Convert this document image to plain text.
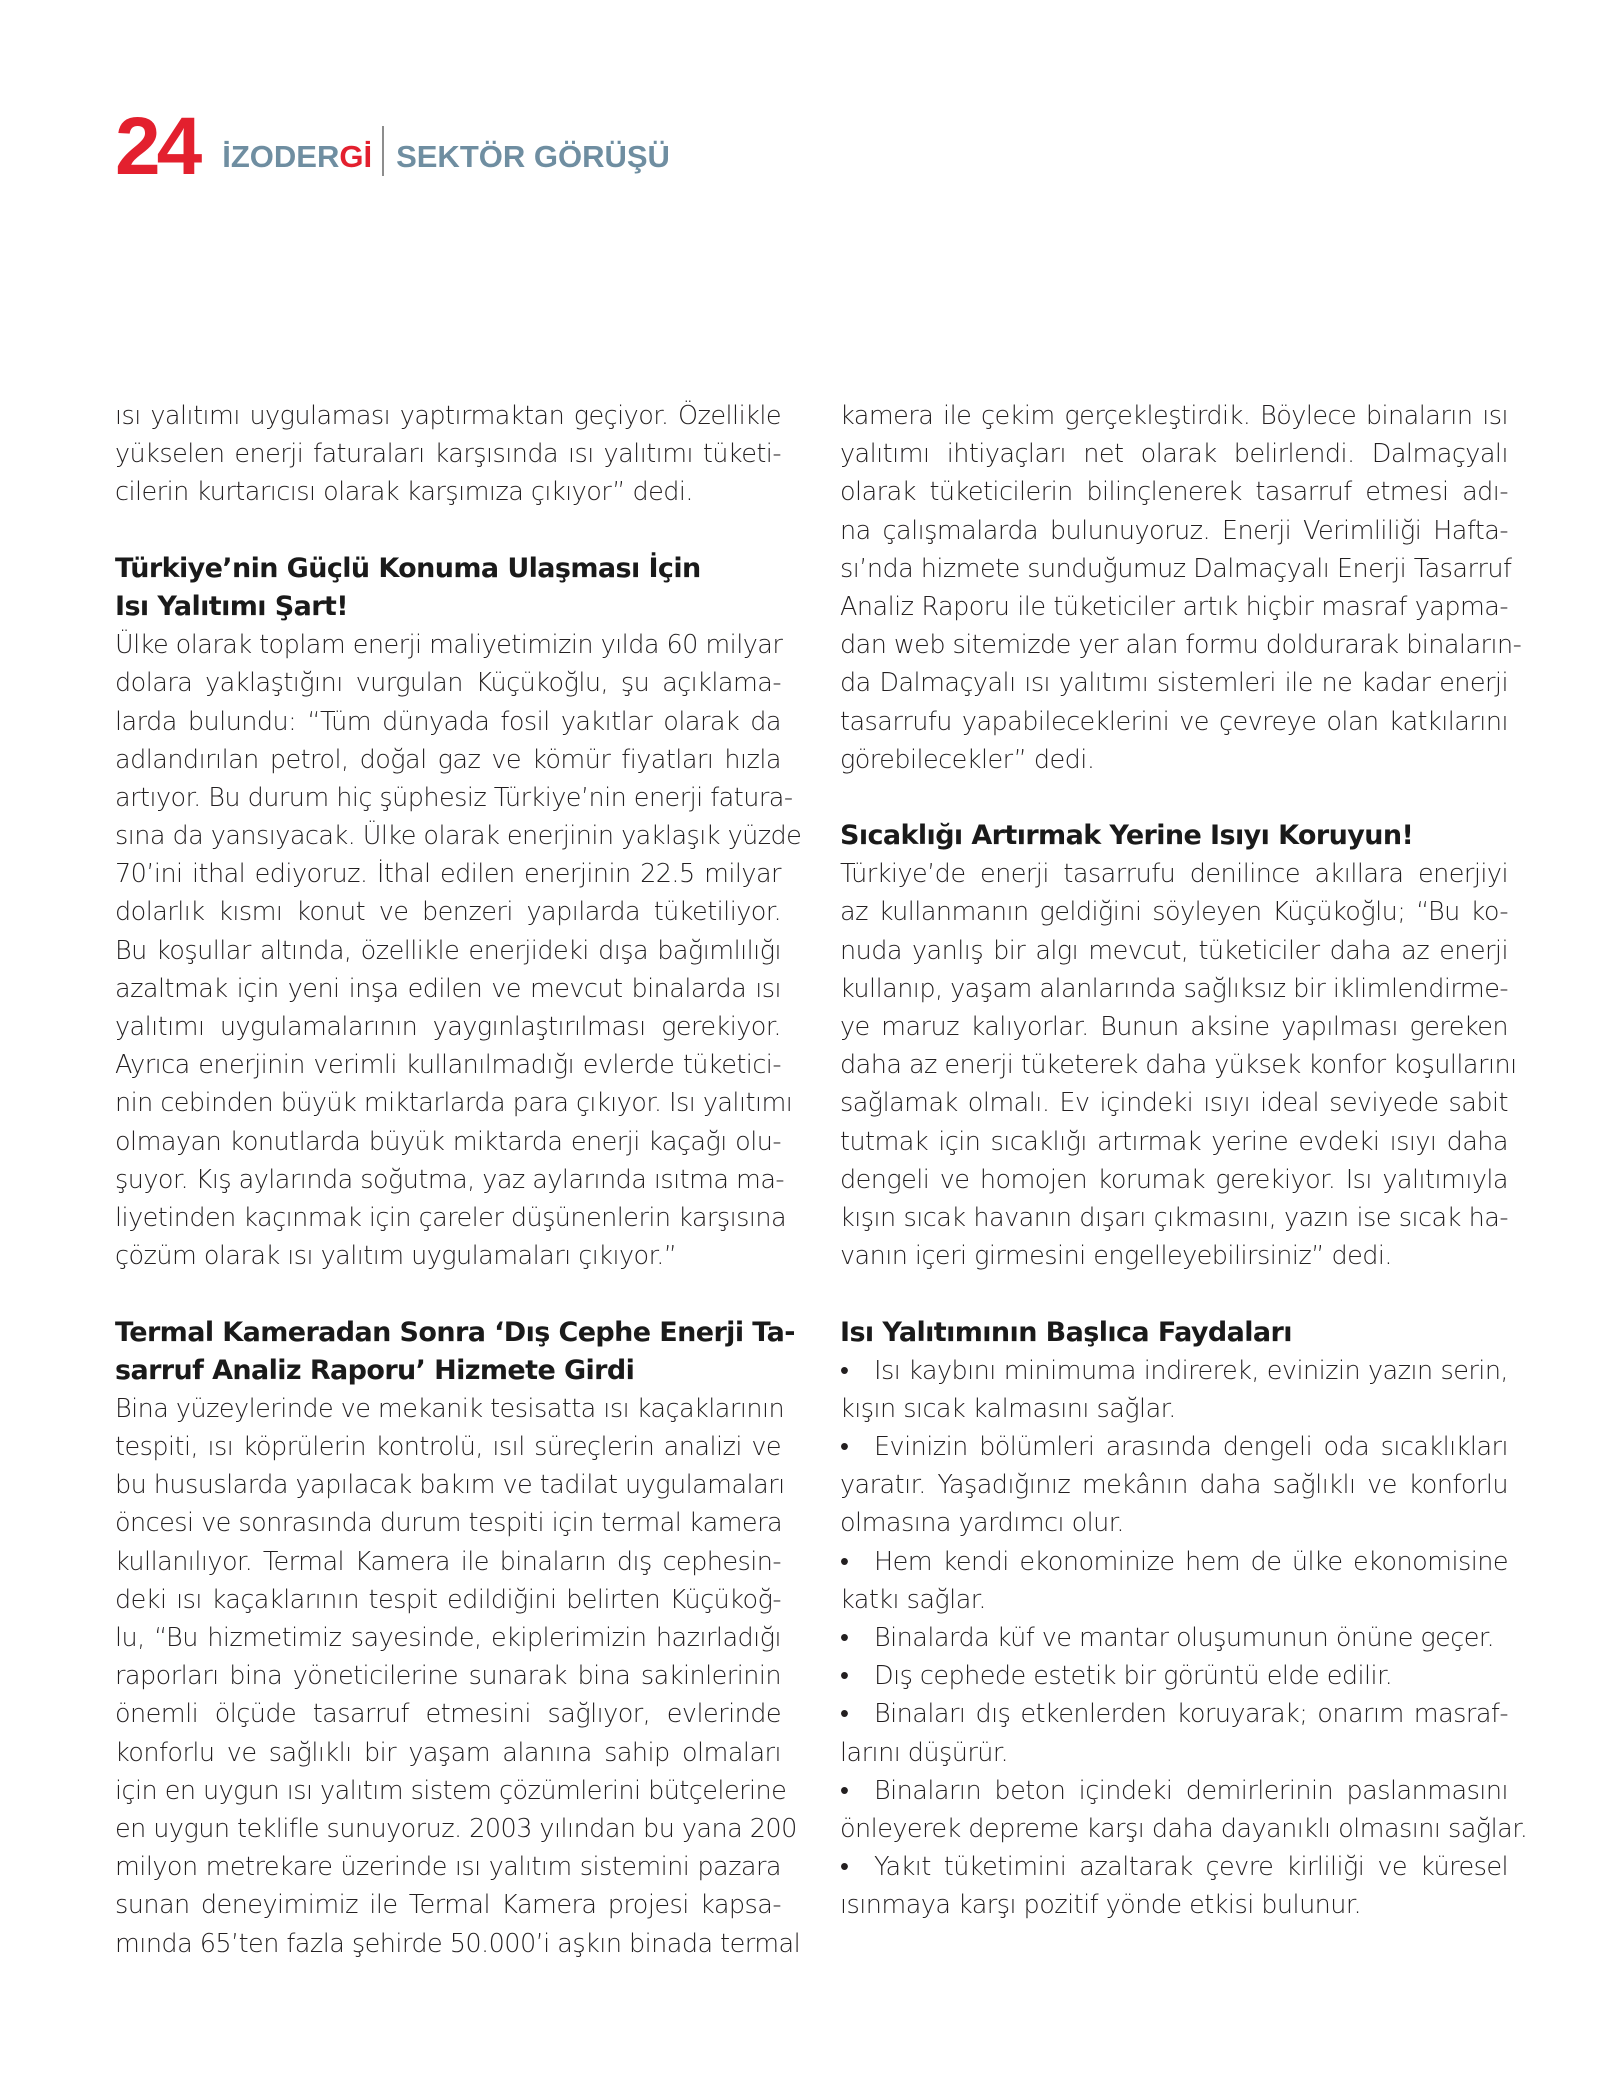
24 İZODERGİ SEKTÖR GÖRÜŞÜ
ısı yalıtımı uygulaması yaptırmaktan geçiyor. Özellikle
yükselen enerji faturaları karşısında ısı yalıtımı tüketi-
cilerin kurtarıcısı olarak karşımıza çıkıyor” dedi.
Türkiye’nin Güçlü Konuma Ulaşması İçin
Isı Yalıtımı Şart!
Ülke olarak toplam enerji maliyetimizin yılda 60 milyar
dolara yaklaştığını vurgulan Küçükoğlu, şu açıklama-
larda bulundu: “Tüm dünyada fosil yakıtlar olarak da
adlandırılan petrol, doğal gaz ve kömür fiyatları hızla
artıyor. Bu durum hiç şüphesiz Türkiye’nin enerji fatura-
sına da yansıyacak. Ülke olarak enerjinin yaklaşık yüzde
70’ini ithal ediyoruz. İthal edilen enerjinin 22.5 milyar
dolarlık kısmı konut ve benzeri yapılarda tüketiliyor.
Bu koşullar altında, özellikle enerjideki dışa bağımlılığı
azaltmak için yeni inşa edilen ve mevcut binalarda ısı
yalıtımı uygulamalarının yaygınlaştırılması gerekiyor.
Ayrıca enerjinin verimli kullanılmadığı evlerde tüketici-
nin cebinden büyük miktarlarda para çıkıyor. Isı yalıtımı
olmayan konutlarda büyük miktarda enerji kaçağı olu-
şuyor. Kış aylarında soğutma, yaz aylarında ısıtma ma-
liyetinden kaçınmak için çareler düşünenlerin karşısına
çözüm olarak ısı yalıtım uygulamaları çıkıyor.”
Termal Kameradan Sonra ‘Dış Cephe Enerji Ta-
sarruf Analiz Raporu’ Hizmete Girdi
Bina yüzeylerinde ve mekanik tesisatta ısı kaçaklarının
tespiti, ısı köprülerin kontrolü, ısıl süreçlerin analizi ve
bu hususlarda yapılacak bakım ve tadilat uygulamaları
öncesi ve sonrasında durum tespiti için termal kamera
kullanılıyor. Termal Kamera ile binaların dış cephesin-
deki ısı kaçaklarının tespit edildiğini belirten Küçükoğ-
lu, “Bu hizmetimiz sayesinde, ekiplerimizin hazırladığı
raporları bina yöneticilerine sunarak bina sakinlerinin
önemli ölçüde tasarruf etmesini sağlıyor, evlerinde
konforlu ve sağlıklı bir yaşam alanına sahip olmaları
için en uygun ısı yalıtım sistem çözümlerini bütçelerine
en uygun teklifle sunuyoruz. 2003 yılından bu yana 200
milyon metrekare üzerinde ısı yalıtım sistemini pazara
sunan deneyimimiz ile Termal Kamera projesi kapsa-
mında 65’ten fazla şehirde 50.000’i aşkın binada termal
kamera ile çekim gerçekleştirdik. Böylece binaların ısı
yalıtımı ihtiyaçları net olarak belirlendi. Dalmaçyalı
olarak tüketicilerin bilinçlenerek tasarruf etmesi adı-
na çalışmalarda bulunuyoruz. Enerji Verimliliği Hafta-
sı’nda hizmete sunduğumuz Dalmaçyalı Enerji Tasarruf
Analiz Raporu ile tüketiciler artık hiçbir masraf yapma-
dan web sitemizde yer alan formu doldurarak binaların-
da Dalmaçyalı ısı yalıtımı sistemleri ile ne kadar enerji
tasarrufu yapabileceklerini ve çevreye olan katkılarını
görebilecekler” dedi.
Sıcaklığı Artırmak Yerine Isıyı Koruyun!
Türkiye’de enerji tasarrufu denilince akıllara enerjiyi
az kullanmanın geldiğini söyleyen Küçükoğlu; “Bu ko-
nuda yanlış bir algı mevcut, tüketiciler daha az enerji
kullanıp, yaşam alanlarında sağlıksız bir iklimlendirme-
ye maruz kalıyorlar. Bunun aksine yapılması gereken
daha az enerji tüketerek daha yüksek konfor koşullarını
sağlamak olmalı. Ev içindeki ısıyı ideal seviyede sabit
tutmak için sıcaklığı artırmak yerine evdeki ısıyı daha
dengeli ve homojen korumak gerekiyor. Isı yalıtımıyla
kışın sıcak havanın dışarı çıkmasını, yazın ise sıcak ha-
vanın içeri girmesini engelleyebilirsiniz” dedi.
Isı Yalıtımının Başlıca Faydaları
•	Isı kaybını minimuma indirerek, evinizin yazın serin,
kışın sıcak kalmasını sağlar.
•	Evinizin bölümleri arasında dengeli oda sıcaklıkları
yaratır. Yaşadığınız mekânın daha sağlıklı ve konforlu
olmasına yardımcı olur.
•	Hem kendi ekonominize hem de ülke ekonomisine
katkı sağlar.
•	Binalarda küf ve mantar oluşumunun önüne geçer.
•	Dış cephede estetik bir görüntü elde edilir.
•	Binaları dış etkenlerden koruyarak; onarım masraf-
larını düşürür.
•	Binaların beton içindeki demirlerinin paslanmasını
önleyerek depreme karşı daha dayanıklı olmasını sağlar.
•	Yakıt tüketimini azaltarak çevre kirliliği ve küresel
ısınmaya karşı pozitif yönde etkisi bulunur.
